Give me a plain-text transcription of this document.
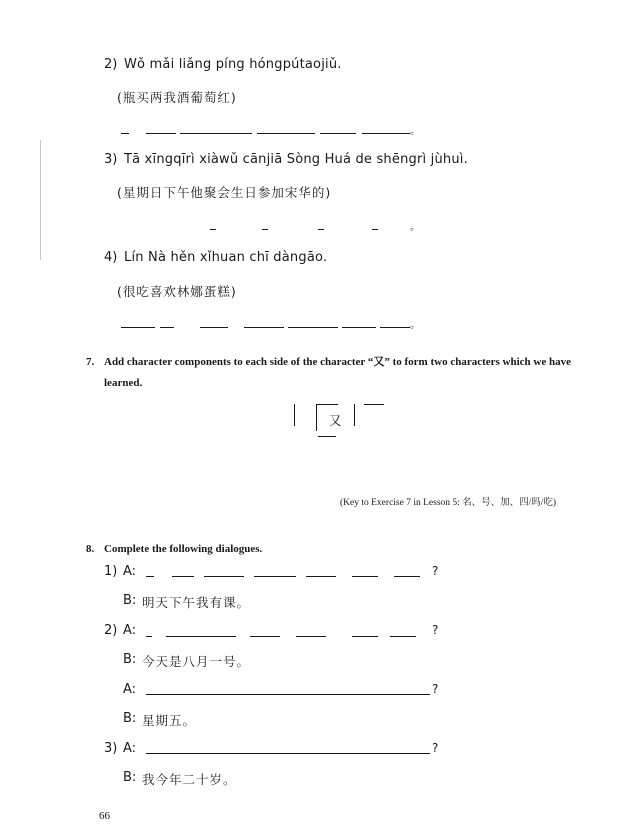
2) Wǒ mǎi liǎng píng hóngpútaojiǔ.
(瓶买两我酒葡萄红)
。
3) Tā xīngqīrì xiàwǔ cānjiā Sòng Huá de shēngrì jùhuì.
(星期日下午他聚会生日参加宋华的)
。
4) Lín Nà hěn xǐhuan chī dàngāo.
(很吃喜欢林娜蛋糕)
。
7. Add character components to each side of the character “又” to form two characters which we have learned.
又
(Key to Exercise 7 in Lesson 5: 名、号、加、四/吗/吃)
8. Complete the following dialogues.
1) A:	?
B: 明天下午我有课。
2) A:	?
B: 今天是八月一号。
A:	?
B: 星期五。
3) A:	?
B: 我今年二十岁。
66
